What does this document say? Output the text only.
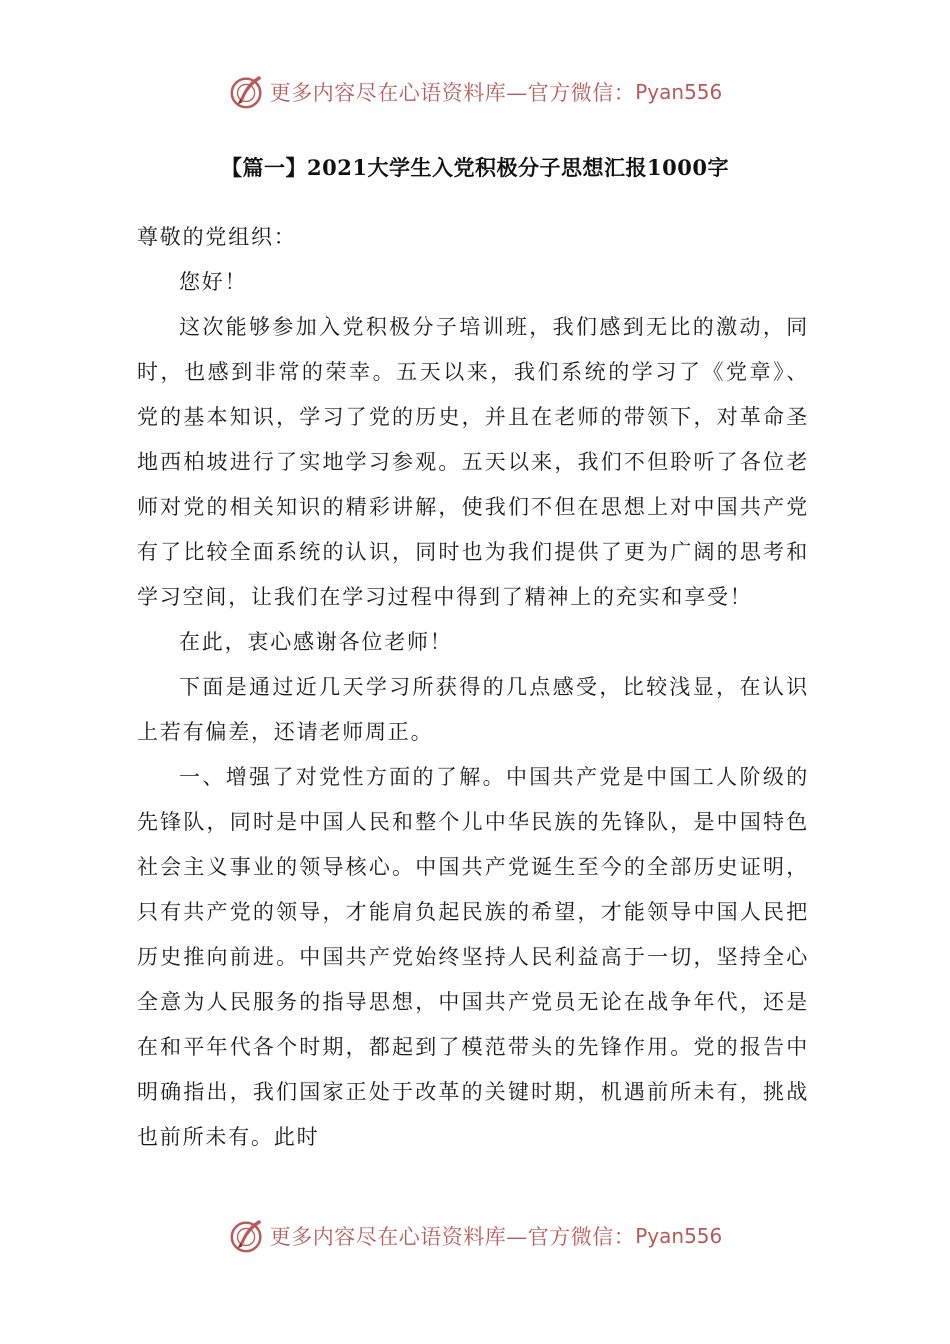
更多内容尽在心语资料库—官方微信： Pyan556
【篇一】2021大学生入党积极分子思想汇报1000字

尊敬的党组织：

您好！

这次能够参加入党积极分子培训班，我们感到无比的激动，同时，也感到非常的荣幸。五天以来，我们系统的学习了《党章》、党的基本知识，学习了党的历史，并且在老师的带领下，对革命圣地西柏坡进行了实地学习参观。五天以来，我们不但聆听了各位老师对党的相关知识的精彩讲解，使我们不但在思想上对中国共产党有了比较全面系统的认识，同时也为我们提供了更为广阔的思考和学习空间，让我们在学习过程中得到了精神上的充实和享受！

在此，衷心感谢各位老师！

下面是通过近几天学习所获得的几点感受，比较浅显，在认识上若有偏差，还请老师周正。

一、增强了对党性方面的了解。中国共产党是中国工人阶级的先锋队，同时是中国人民和整个儿中华民族的先锋队，是中国特色社会主义事业的领导核心。中国共产党诞生至今的全部历史证明，只有共产党的领导，才能肩负起民族的希望，才能领导中国人民把历史推向前进。中国共产党始终坚持人民利益高于一切，坚持全心全意为人民服务的指导思想，中国共产党员无论在战争年代，还是在和平年代各个时期，都起到了模范带头的先锋作用。党的报告中明确指出，我们国家正处于改革的关键时期，机遇前所未有，挑战也前所未有。此时

更多内容尽在心语资料库—官方微信： Pyan556
